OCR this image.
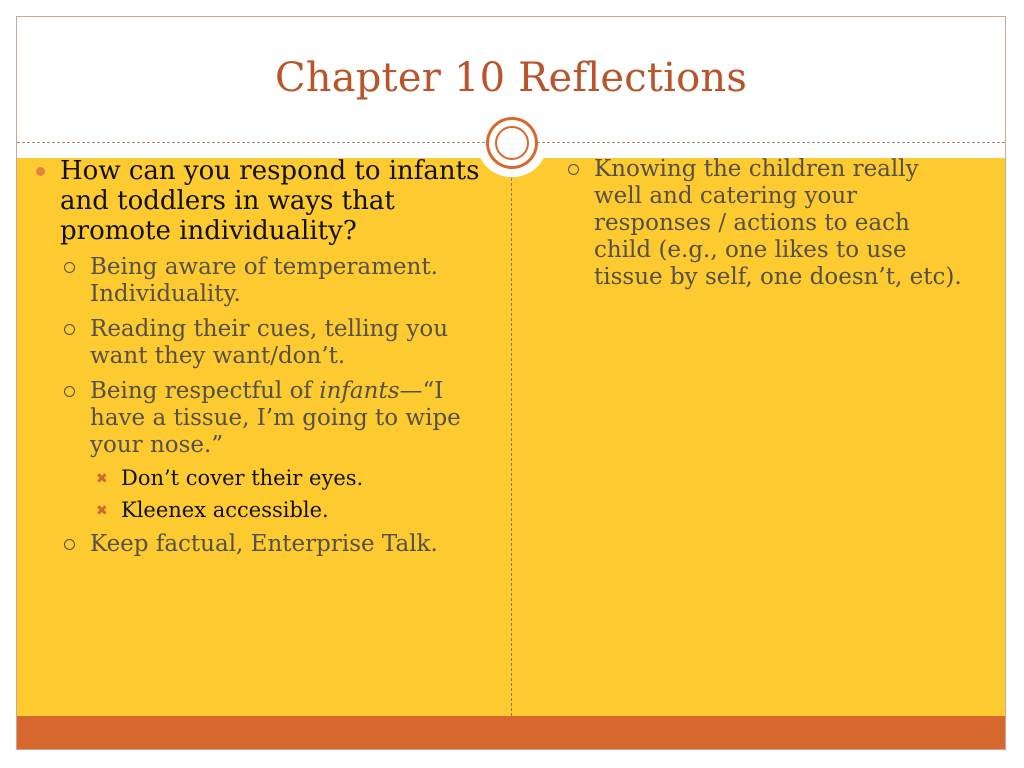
Chapter 10 Reflections
How can you respond to infants and toddlers in ways that promote individuality?
Being aware of temperament. Individuality.
Reading their cues, telling you want they want/don’t.
Being respectful of infants—“I have a tissue, I’m going to wipe your nose.”
✖ Don’t cover their eyes.
✖ Kleenex accessible.
Keep factual, Enterprise Talk.
Knowing the children really well and catering your responses / actions to each child (e.g., one likes to use tissue by self, one doesn’t, etc).
